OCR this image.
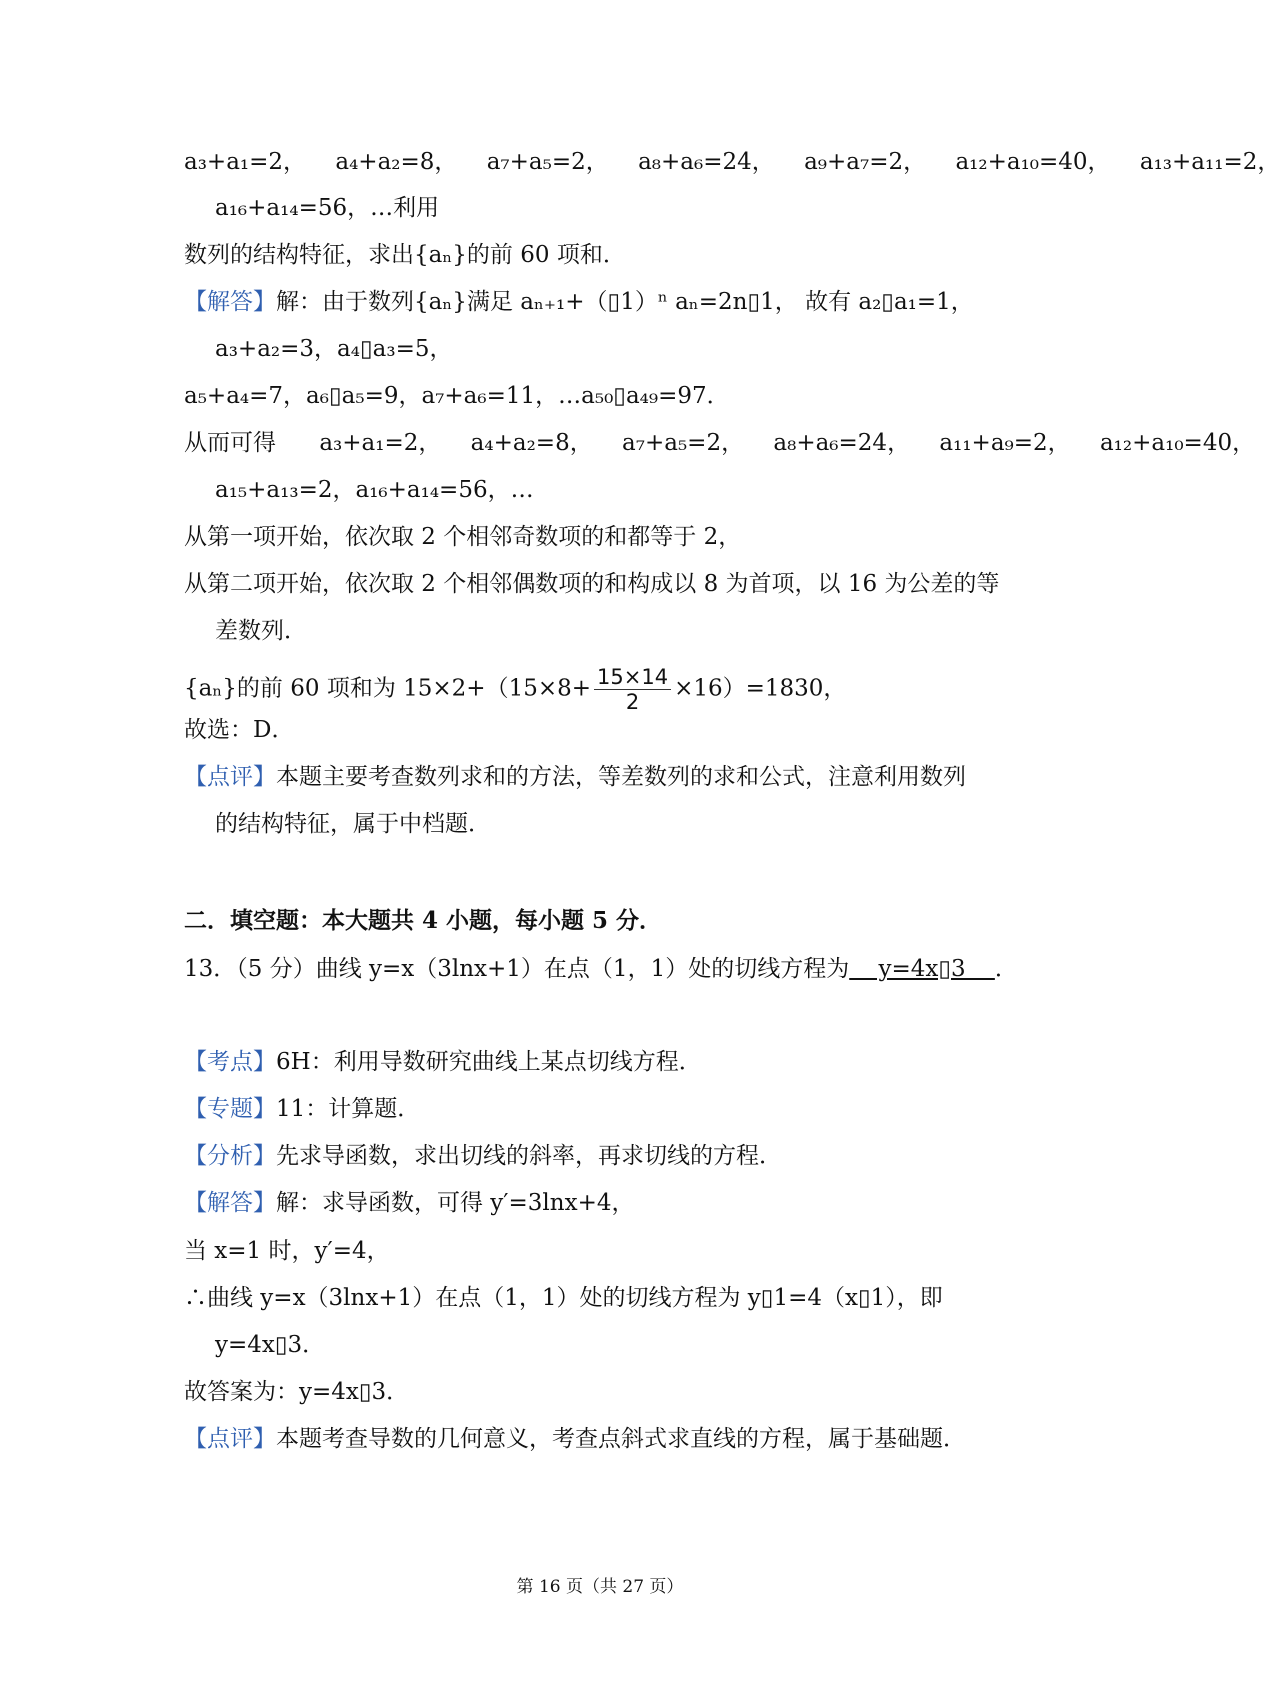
a₃+a₁=2， a₄+a₂=8， a₇+a₅=2， a₈+a₆=24， a₉+a₇=2， a₁₂+a₁₀=40， a₁₃+a₁₁=2，
a₁₆+a₁₄=56，…利用
数列的结构特征，求出{aₙ}的前 60 项和．
【解答】解：由于数列{aₙ}满足 aₙ₊₁+（▯1）ⁿ aₙ=2n▯1， 故有 a₂▯a₁=1，
a₃+a₂=3，a₄▯a₃=5，
a₅+a₄=7，a₆▯a₅=9，a₇+a₆=11，…a₅₀▯a₄₉=97．
从而可得 a₃+a₁=2， a₄+a₂=8， a₇+a₅=2， a₈+a₆=24， a₁₁+a₉=2， a₁₂+a₁₀=40，
a₁₅+a₁₃=2，a₁₆+a₁₄=56，…
从第一项开始，依次取 2 个相邻奇数项的和都等于 2，
从第二项开始，依次取 2 个相邻偶数项的和构成以 8 为首项，以 16 为公差的等
差数列．
{aₙ}的前 60 项和为 $15\times 2+(15\times 8+ \frac{15\times 14}{2} \times 16)=1830$，
故选：D．
【点评】本题主要考查数列求和的方法，等差数列的求和公式，注意利用数列
的结构特征，属于中档题．
二．填空题：本大题共 4 小题，每小题 5 分．
13．（5 分）曲线 y=x（3lnx+1）在点（1，1）处的切线方程为    y=4x▯3    ．
【考点】6H：利用导数研究曲线上某点切线方程．
【专题】11：计算题．
【分析】先求导函数，求出切线的斜率，再求切线的方程．
【解答】解：求导函数，可得 y′=3lnx+4，
当 x=1 时，y′=4，
∴曲线 y=x（3lnx+1）在点（1，1）处的切线方程为 y▯1=4（x▯1），即
y=4x▯3．
故答案为：y=4x▯3．
【点评】本题考查导数的几何意义，考查点斜式求直线的方程，属于基础题．
第 16 页（共 27 页）
